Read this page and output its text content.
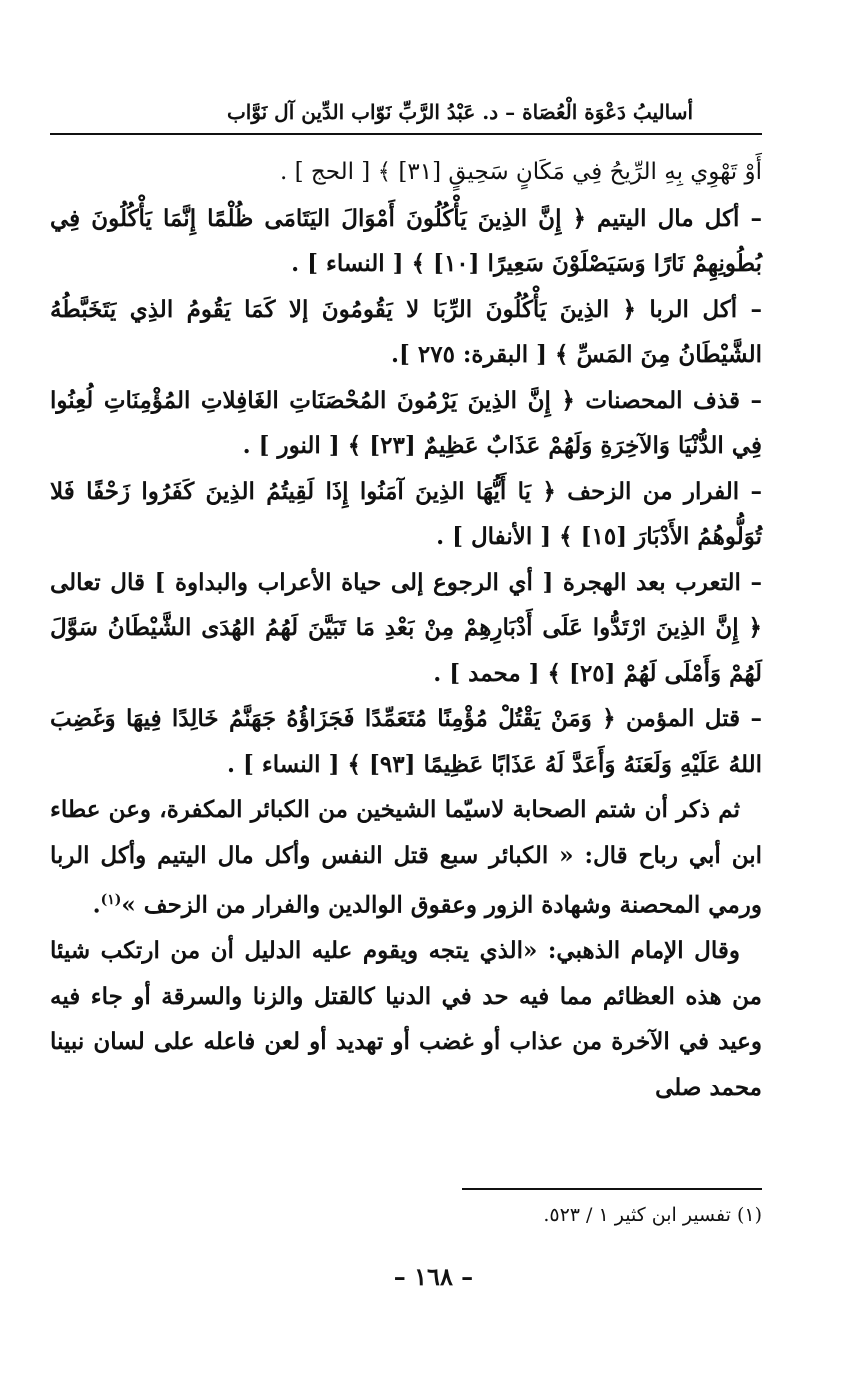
أساليبُ دَعْوَة الْعُصَاة – د. عَبْدُ الرَّبِّ نَوّاب الدِّين آل نَوَّاب

أَوْ تَهْوِي بِهِ الرِّيحُ فِي مَكَانٍ سَحِيقٍ [٣١] ﴾ [ الحج ] .

– أكل مال اليتيم ﴿ إِنَّ الذِينَ يَأْكُلُونَ أَمْوَالَ اليَتَامَى ظُلْمًا إِنَّمَا يَأْكُلُونَ فِي بُطُونِهِمْ نَارًا وَسَيَصْلَوْنَ سَعِيرًا [١٠] ﴾ [ النساء ] .

– أكل الربا ﴿ الذِينَ يَأْكُلُونَ الرِّبَا لا يَقُومُونَ إلا كَمَا يَقُومُ الذِي يَتَخَبَّطُهُ الشَّيْطَانُ مِنَ المَسِّ ﴾ [ البقرة: ٢٧٥ ].

– قذف المحصنات ﴿ إِنَّ الذِينَ يَرْمُونَ المُحْصَنَاتِ الغَافِلاتِ المُؤْمِنَاتِ لُعِنُوا فِي الدُّنْيَا وَالآخِرَةِ وَلَهُمْ عَذَابٌ عَظِيمٌ [٢٣] ﴾ [ النور ] .

– الفرار من الزحف ﴿ يَا أَيُّهَا الذِينَ آمَنُوا إِذَا لَقِيتُمُ الذِينَ كَفَرُوا زَحْفًا فَلا تُوَلُّوهُمُ الأَدْبَارَ [١٥] ﴾ [ الأنفال ] .

– التعرب بعد الهجرة [ أي الرجوع إلى حياة الأعراب والبداوة ] قال تعالى ﴿ إِنَّ الذِينَ ارْتَدُّوا عَلَى أَدْبَارِهِمْ مِنْ بَعْدِ مَا تَبَيَّنَ لَهُمُ الهُدَى الشَّيْطَانُ سَوَّلَ لَهُمْ وَأَمْلَى لَهُمْ [٢٥] ﴾ [ محمد ] .

– قتل المؤمن ﴿ وَمَنْ يَقْتُلْ مُؤْمِنًا مُتَعَمِّدًا فَجَزَاؤُهُ جَهَنَّمُ خَالِدًا فِيهَا وَغَضِبَ اللهُ عَلَيْهِ وَلَعَنَهُ وَأَعَدَّ لَهُ عَذَابًا عَظِيمًا [٩٣] ﴾ [ النساء ] .

ثم ذكر أن شتم الصحابة لاسيّما الشيخين من الكبائر المكفرة، وعن عطاء ابن أبي رباح قال: « الكبائر سبع قتل النفس وأكل مال اليتيم وأكل الربا ورمي المحصنة وشهادة الزور وعقوق الوالدين والفرار من الزحف »$^{(١)}$.

وقال الإمام الذهبي: «الذي يتجه ويقوم عليه الدليل أن من ارتكب شيئا من هذه العظائم مما فيه حد في الدنيا كالقتل والزنا والسرقة أو جاء فيه وعيد في الآخرة من عذاب أو غضب أو تهديد أو لعن فاعله على لسان نبينا محمد صلى

(١) تفسير ابن كثير ١ / ٥٢٣.
– ١٦٨ –
